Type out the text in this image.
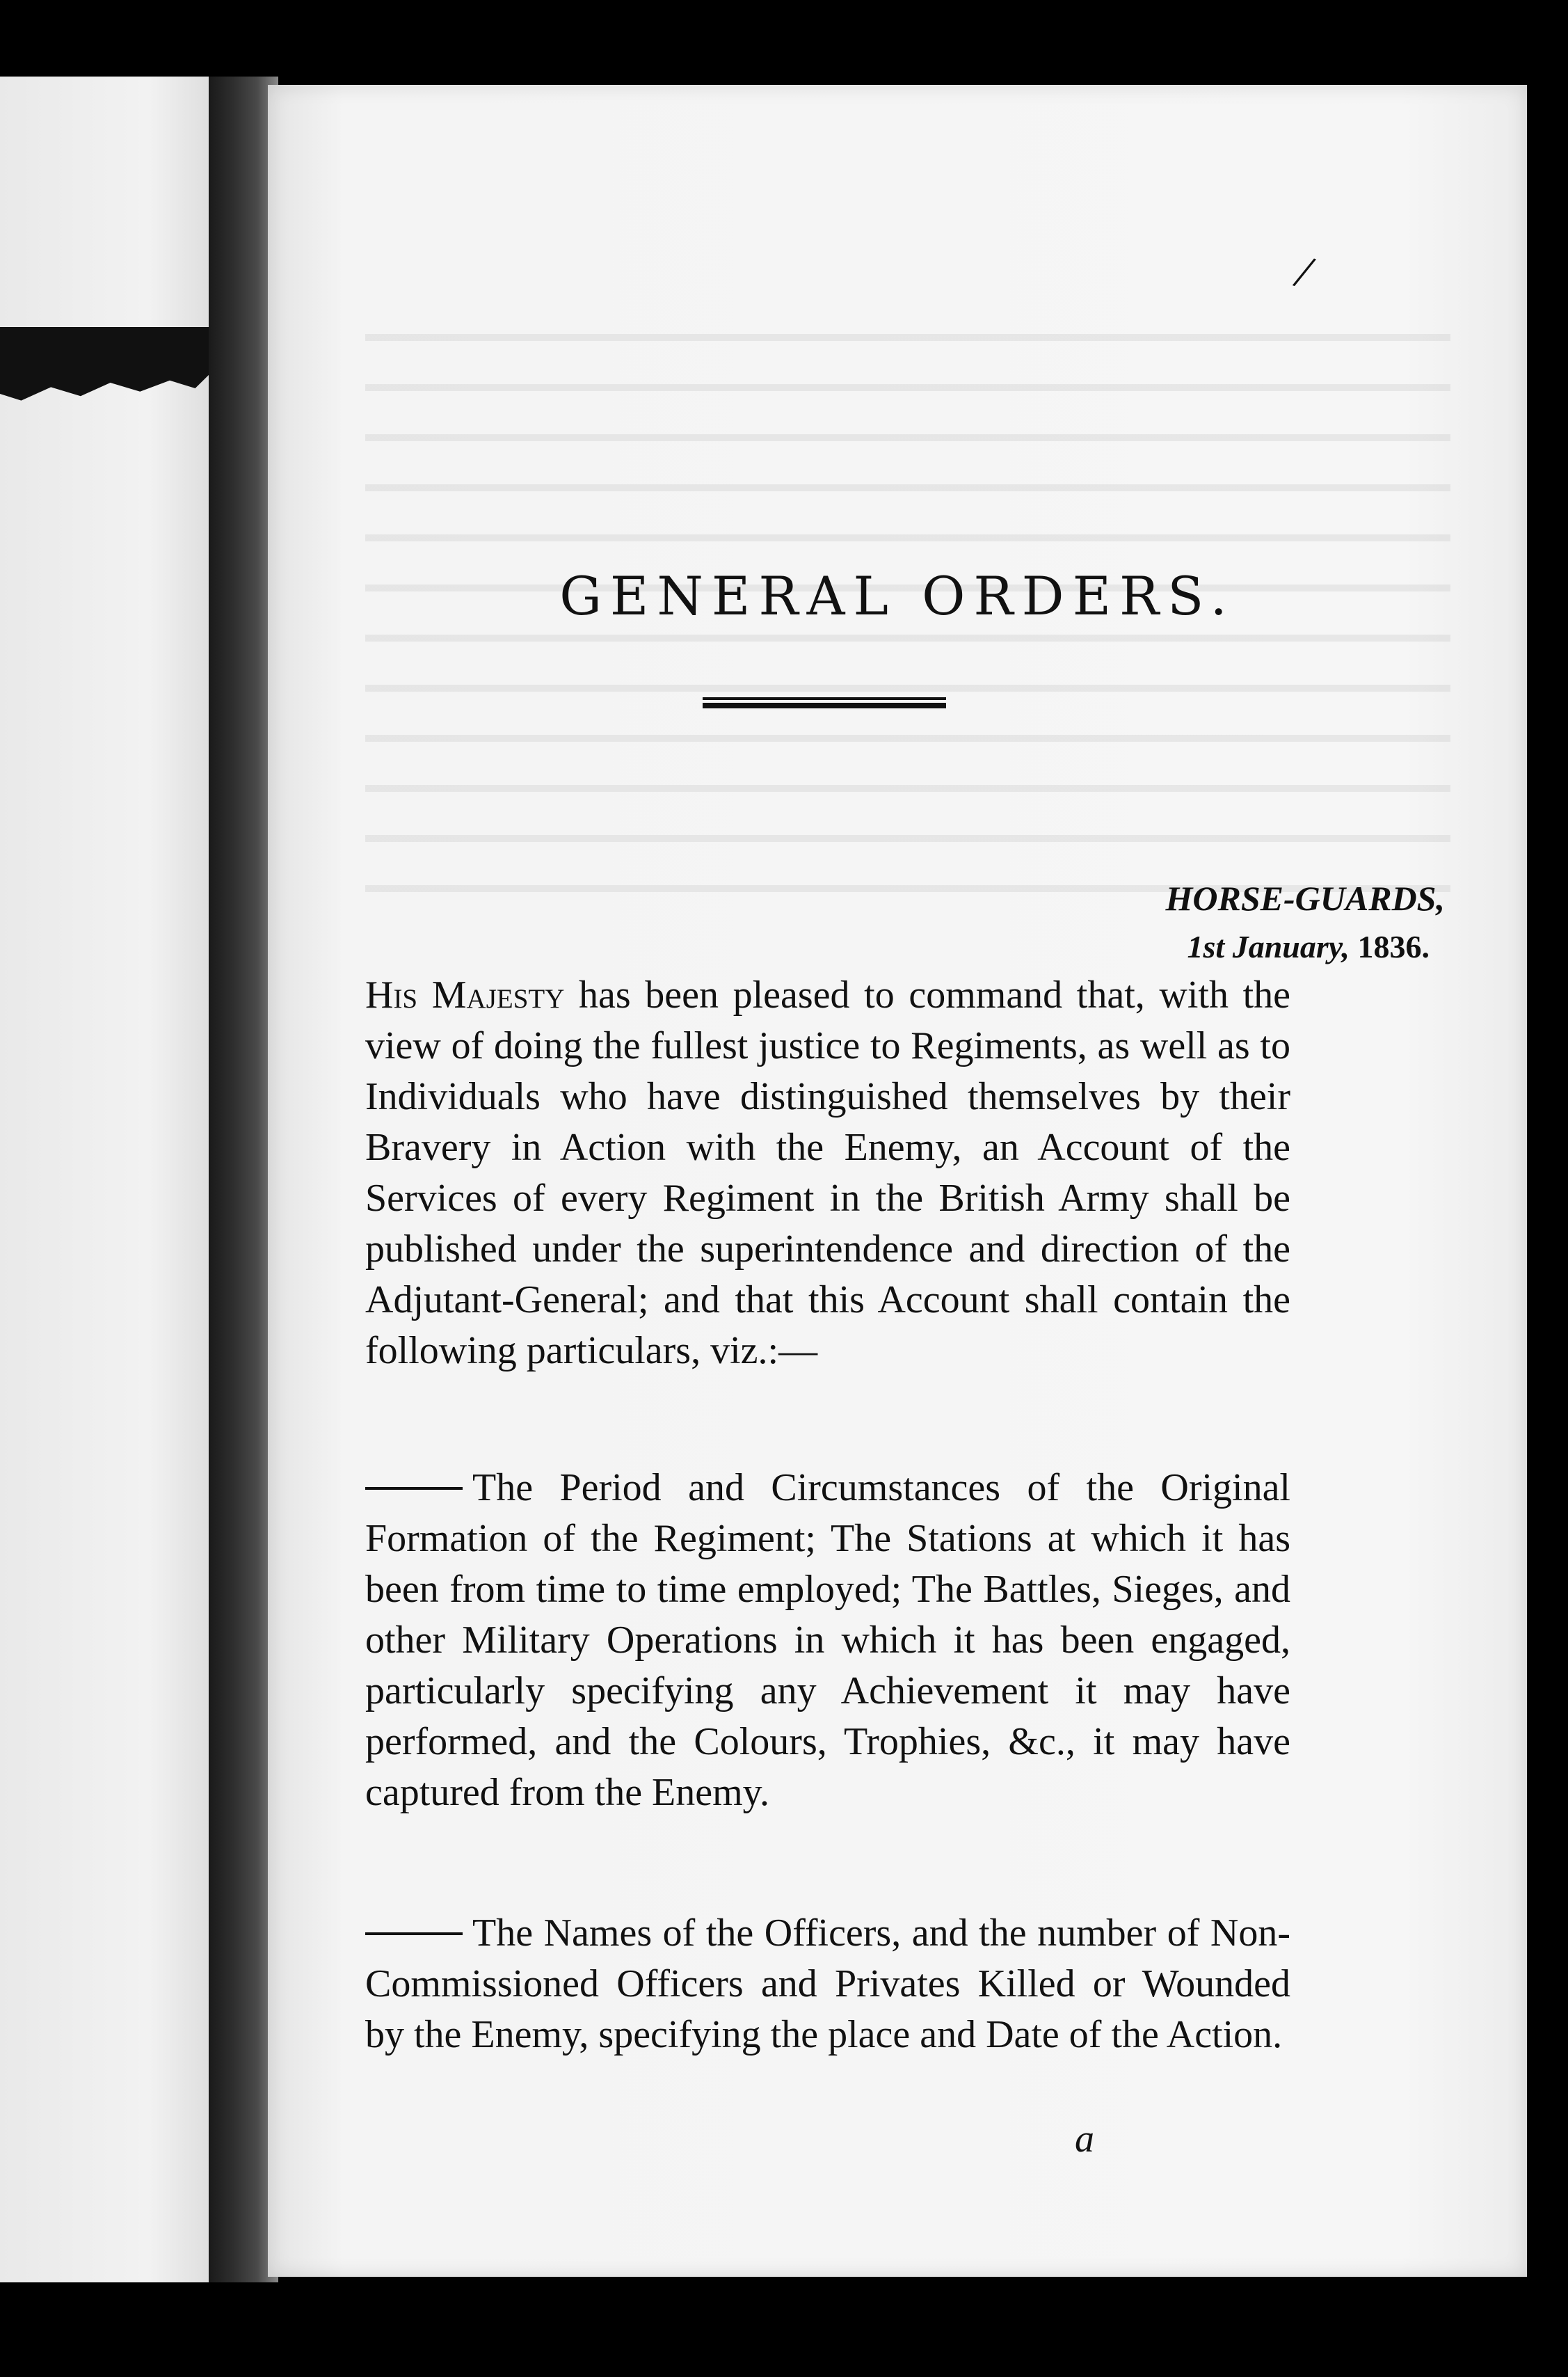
/
GENERAL ORDERS.
HORSE-GUARDS,
1st January, 1836.

His Majesty has been pleased to command that, with the view of doing the fullest justice to Regiments, as well as to Individuals who have distinguished themselves by their Bravery in Action with the Enemy, an Account of the Services of every Regiment in the British Army shall be published under the superintendence and direction of the Adjutant-General; and that this Account shall contain the following particulars, viz.:—

The Period and Circumstances of the Original Formation of the Regiment; The Stations at which it has been from time to time employed; The Battles, Sieges, and other Military Operations in which it has been engaged, particularly specifying any Achievement it may have performed, and the Colours, Trophies, &c., it may have captured from the Enemy.

The Names of the Officers, and the number of Non-Commissioned Officers and Privates Killed or Wounded by the Enemy, specifying the place and Date of the Action.

a
